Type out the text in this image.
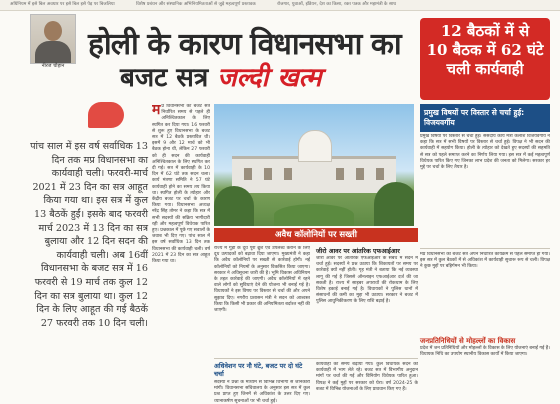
अधिनियम में इसे बिल अवधार पर इसे बिल इसे पेड़ पर बिजलिया	विशेष प्रबंधन और संस्थानिक अभिनियमितताओं से जुड़े महत्वपूर्ण प्रस्तावक	रोजगार, युवाओं, इंडियन, देश का किसा, रक्त पत्रक और महामंत्री के साथ
नीरज चौहान
होली के कारण विधानसभा का
बजट सत्र जल्दी खत्म
12 बैठकों में से
10 बैठक में 62 घंटे
चली कार्यवाही
पांच साल में इस वर्ष सर्वाधिक 13 दिन तक मप्र विधानसभा का कार्यवाही चली। फरवरी-मार्च 2021 में 23 दिन का सत्र आहूत किया गया था। इस सत्र में कुल 13 बैठकें हुईं। इसके बाद फरवरी मार्च 2023 में 13 दिन का सत्र बुलाया और 12 दिन सदन की कार्यवाही चली। अब 16वीं विधानसभा के बजट सत्र में 16 फरवरी से 19 मार्च तक कुल 12 दिन का सत्र बुलाया था। कुल 12 दिन के लिए आहूत की गई बैठकें 27 फरवरी तक 10 दिन चली।
मप्र विधानसभा का बजट सत्र निर्धारित समय से पहले ही अनिश्चितकाल के लिए स्थगित कर दिया गया। 16 फरवरी से शुरू हुए विधानसभा के बजट सत्र में 12 बैठकें प्रस्तावित थी। इसमें 9 और 12 मार्च को भी बैठक होना थी, लेकिन 27 फरवरी को ही सदन की कार्यवाही अनिश्चितकाल के लिए स्थगित कर दी गई। सत्र में कार्यवाही के 10 दिन में 62 घंटे तक सदन चला। कार्य मंत्रणा समिति ने 57 घंटे कार्यवाही होने का समय तय किया था। स्थगित होली के त्योहार और केंद्रीय बजट पर चर्चा के कारण किया गया। विधानसभा अध्यक्ष नरेंद्र सिंह तोमर ने कहा कि सत्र में सभी सदस्यों की सक्रिय भागीदारी रही और महत्वपूर्ण विधेयक पारित हुए। प्रश्नकाल में पूछे गए सवालों के जवाब भी दिए गए। पांच साल में इस वर्ष सर्वाधिक 13 दिन तक विधानसभा की कार्यवाही चली। वर्ष 2021 में 23 दिन का सत्र आहूत किया गया था।
अवैध कॉलोनियों पर सख्ती
राज्य में गुड़ी के दूध पूरी ब्रुश एवं उपलब्ध कराने के लिए दूध उत्पादकों को बढ़ावा दिया जाएगा। मुख्यमंत्री ने कहा कि अवैध कॉलोनियों पर सख्ती से कार्रवाई होगी। नई कॉलोनियों को नियमों के अनुसार विकसित किया जाएगा। सरकार ने अधिसूचना जारी की है। भूमि विकास अधिनियम के तहत कार्रवाई की जाएगी। अवैध कॉलोनियों में रहने वाले लोगों को सुविधाएं देने की योजना भी बनाई गई है। विधायकों ने इस विषय पर विस्तार से चर्चा की और अपने सुझाव दिए। नगरीय प्रशासन मंत्री ने सदन को आश्वस्त किया कि किसी भी प्रकार की अनियमितता बर्दाश्त नहीं की जाएगी।
जीरो आवर पर आंतरिक एफआईआर
जीरो आवर पर आंतरिक एफआईआर के संबंध में सदन में चर्चा हुई। सदस्यों ने प्रश्न उठाया कि शिकायतों पर समय पर कार्रवाई क्यों नहीं होती। गृह मंत्री ने बताया कि नई व्यवस्था लागू की गई है जिससे ऑनलाइन एफआईआर दर्ज की जा सकती है। राज्य में साइबर अपराधों की रोकथाम के लिए विशेष इकाई बनाई गई है। विधायकों ने पुलिस थानों में संसाधनों की कमी का मुद्दा भी उठाया। सरकार ने बजट में पुलिस आधुनिकीकरण के लिए राशि बढ़ाई है।
अधिवेशन पर नौ घंटे, बजट पर दो घंटे चर्चा
सदस्यों ने प्रश्नों के माध्यम से विभिन्न विभागों से जानकारी मांगी। विधानसभा सचिवालय के अनुसार इस सत्र में कुल प्रश्न प्राप्त हुए जिनमें से अधिकांश के उत्तर दिए गए। ध्यानाकर्षण सूचनाओं पर भी चर्चा हुई।
कार्यवाही का समय बढ़ाया गया। कुल विधायक सदन की कार्यवाही में भाग लेते रहे। बजट सत्र में विभागीय अनुदान मांगों पर चर्चा की गई और विनियोग विधेयक पारित हुआ। विपक्ष ने कई मुद्दों पर सरकार को घेरा। वर्ष 2024-25 के बजट में विभिन्न योजनाओं के लिए प्रावधान किए गए हैं।
प्रमुख विषयों पर विस्तार से चर्चा हुई: विजयवर्गीय
प्रमुख विषयों पर विस्तार से चर्चा हुई। संसदीय कार्य मंत्री कैलाश विजयवर्गीय ने कहा कि सत्र में सभी विषयों पर विस्तार से चर्चा हुई। विपक्ष ने भी सदन की कार्यवाही में सहयोग किया। होली के त्योहार को देखते हुए सदस्यों की सहमति से सत्र को पहले समाप्त करने का निर्णय लिया गया। इस सत्र में कई महत्वपूर्ण विधेयक पारित किए गए जिनका लाभ प्रदेश की जनता को मिलेगा। सरकार हर मुद्दे पर चर्चा के लिए तैयार है।
मप्र विधानसभा का बजट सत्र अपने निर्धारित कार्यक्रम से पहले समाप्त हो गया। इस सत्र में कुल बैठकों में से अधिकांश में कार्यवाही सुचारू रूप से चली। विपक्ष ने कुछ मुद्दों पर बहिर्गमन भी किया।
जनप्रतिनिधियों से मोहल्लों का विकास
प्रदेश में जन प्रतिनिधियों और मोहल्लों के विकास के लिए योजनाएं बनाई गई हैं। विधायक निधि का उपयोग स्थानीय विकास कार्यों में किया जाएगा।
